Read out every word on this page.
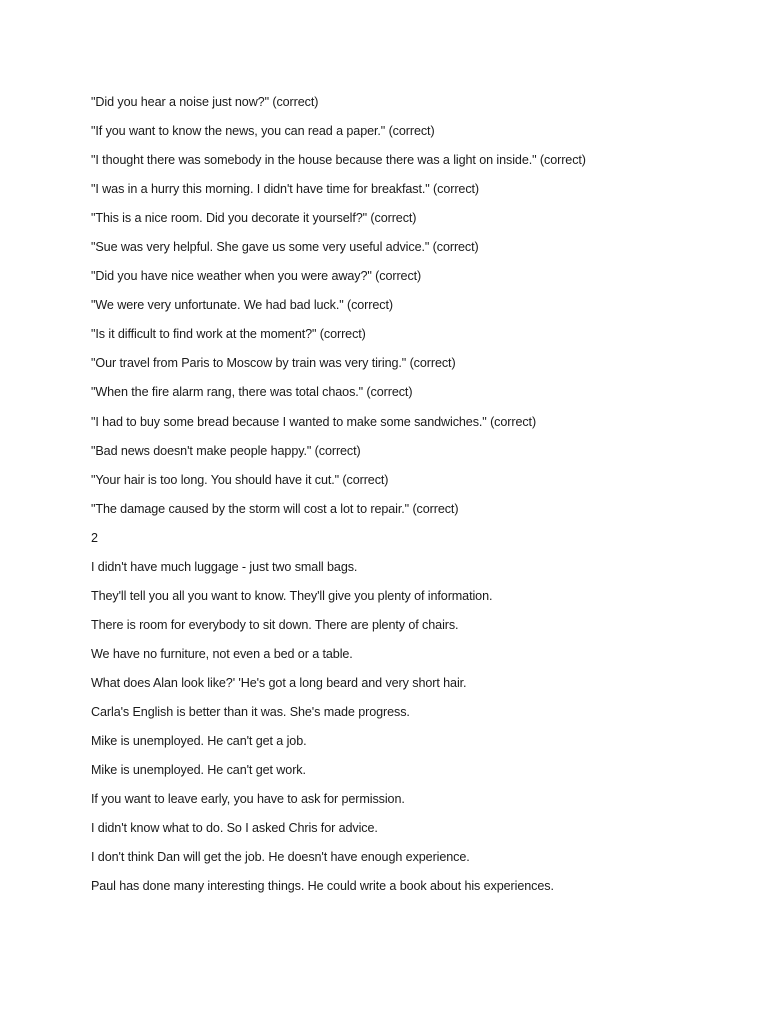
"Did you hear a noise just now?" (correct)
"If you want to know the news, you can read a paper." (correct)
"I thought there was somebody in the house because there was a light on inside." (correct)
"I was in a hurry this morning. I didn't have time for breakfast." (correct)
"This is a nice room. Did you decorate it yourself?" (correct)
"Sue was very helpful. She gave us some very useful advice." (correct)
"Did you have nice weather when you were away?" (correct)
"We were very unfortunate. We had bad luck." (correct)
"Is it difficult to find work at the moment?" (correct)
"Our travel from Paris to Moscow by train was very tiring." (correct)
"When the fire alarm rang, there was total chaos." (correct)
"I had to buy some bread because I wanted to make some sandwiches." (correct)
"Bad news doesn't make people happy." (correct)
"Your hair is too long. You should have it cut." (correct)
"The damage caused by the storm will cost a lot to repair." (correct)
2
I didn't have much luggage - just two small bags.
They'll tell you all you want to know. They'll give you plenty of information.
There is room for everybody to sit down. There are plenty of chairs.
We have no furniture, not even a bed or a table.
What does Alan look like?' 'He's got a long beard and very short hair.
Carla's English is better than it was. She's made progress.
Mike is unemployed. He can't get a job.
Mike is unemployed. He can't get work.
If you want to leave early, you have to ask for permission.
I didn't know what to do. So I asked Chris for advice.
I don't think Dan will get the job. He doesn't have enough experience.
Paul has done many interesting things. He could write a book about his experiences.
